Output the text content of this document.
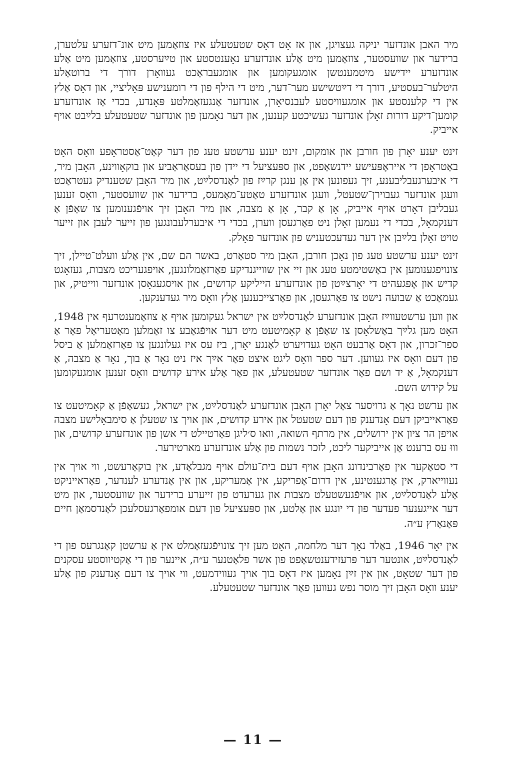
מיר האבן אונדזער יניקה געצויגן, און אז אָט דאָס שטעטעלע איז צוזאַמען מיט אונ־דזערע עלטערן, ברידער און שוועסטער, צוזאַמען מיט אַלע אונדזערע נאָענטסטע און טײַערסטע, צוזאַמען מיט אַלע אונדזערע יידישע מיטמענטשן אומגעקומען און אומגעבראַכט געוואָרן דורך די ברוטאַלע היטלער־בעסטיע, דורך די דײַטשישע מער־דער, מיט די הילף פון די רומענישע פּאָליציי, און דאָס אַלץ אין די קלענסטע און אומגעוויסטע לעבנסיאָרן, אונדזער אַנגעזאַמלטע פּאָנדע, בכדי אַז אונדזערע קומען־דיקע דורות זאָלן אונדזער געשיכטע קענען, און דער נאָמען פון אונדזער שטעטעלע בלײַבט אויף אייביק.

זינט יענע יאָרן פון חורבן און אומקום, זינט יענע ערשטע טעג פון דער קאַט־אַסטראָפע וואָס האָט באַטראָפן די אייראָפּעישע יידנשאַפט, און ספּעציעל די יידן פון בעסאַראַביע און בוקאָווינע, האָבן מיר, די איבערגעבליבענע, זיך געפונען אין אַן ענגן קרײַז פון לאַנדסלײַט, און מיר האָבן שטענדיק געטראַכט וועגן אונדזער געבוירן־שטעטל, וועגן אונדזערע טאַטע־מאַמעס, ברידער און שוועסטער, וואָס זענען געבליבן דאָרט אויף אייביק, אָן אַ קבר, אָן אַ מצבה, און מיר האָבן זיך אויפֿגענומען צו שאַפֿן אַ דענקמאָל, בכדי די נעמען זאָלן ניט פאַרגעסן ווערן, בכדי די איבערלעבונגען פון זייער לעבן און זייער טויט זאָלן בלײַבן אין דער געדעכטעניש פון אונדזער פאָלק.

זינט יענע ערשטע טעג פון נאָכן חורבן, האָבן מיר סטאַרט, באשר הם שם, אין אַלע וועלט־טיילן, זיך צונויפגענומען אין באַשטימטע טעג און זיי אין שווייגנדיקע פאַרזאַמלונגען, אויפגעריכט מצבות, געזאָגט קדיש און אָפּגעהיט די יאָרצײַטן פון אונדזערע הייליקע קדושים, און אויסגעגאָסן אונדזער ווייטיק, און געמאַכט אַ שבועה נישט צו פאַרגעסן, און פאַרצייכענען אַלץ וואָס מיר געדענקען.

און ווען ערשטעווײַז האָבן אונדזערע לאַנדסלײַט אין ישראל געקומען אויף אַ צוזאַמענטרעף אין 1948, האָט מען גלײַך באַשלאָסן צו שאַפֿן אַ קאָמיטעט מיט דער אויפֿגאַבע צו זאַמלען מאַטעריאַל פאַר אַ ספר־זכרון, און דאָס אַרבעט האָט געדויערט לאַנגע יאָרן, ביז עס איז געלונגען צו פאַרזאַמלען אַ ביסל פון דעם וואָס איז געווען. דער ספר וואָס ליגט איצט פאַר אײַך איז ניט נאָר אַ בוך, נאָר אַ מצבה, אַ דענקמאָל, אַ יד ושם פאַר אונדזער שטעטעלע, און פאַר אַלע אירע קדושים וואָס זענען אומגעקומען על קידוש השם.

און ערשט נאָך אַ גרויסער צאַל יאָרן האָבן אונדזערע לאַנדסלײַט, אין ישראל, געשאַפֿן אַ קאָמיטעט צו פאַראייביקן דעם אָנדענק פון דעם שטעטל און אירע קדושים, און אויך צו שטעלן אַ סימבאָלישע מצבה אויפן הר ציון אין ירושלים, אין מרתף השואה, וואו ס׳ליגן פאַרטיילט די אשן פון אונדזערע קדושים, און וווּ עס ברענט אַן אייביקער ליכט, לזכר נשמות פון אַלע אונדזערע מארטירער.

די סטאַקער אין פאַרבינדונג האָבן אויף דעם בית־עולם אויף מגבלאַדע, אין בוקאַרעשט, ווי אויך אין נעווייארק, אין אַרגענטינע, אין דרום־אַפריקע, אין אַמעריקע, און אין אַנדערע לענדער, פאַראייניקט אַלע לאַנדסלײַט, און אויפֿגעשטעלט מצבות און גערעדט פון זייערע ברידער און שוועסטער, און מיט דער אייגענער פעדער פון די יונגע און אַלטע, און ספּעציעל פון דעם אומפאַרגעסלעכן לאַנדסמאַן חיים פּאַנאַרץ ע״ה.

אין יאָר 1946, באַלד נאָך דער מלחמה, האָט מען זיך צונויפֿגעזאַמלט אין אַ ערשטן קאַנגרעס פון די לאַנדסלײַט, אונטער דער פּרעזידענטשאַפט פון אשר פלאַטנער ע״ה, איינער פון די אַקטיווסטע עסקנים פון דער שטאָט, און אין זײַן נאָמען איז דאָס בוך אויך געווידמעט, ווי אויך צו דעם אָנדענק פון אַלע יענע וואָס האָבן זיך מוסר נפש געווען פאַר אונדזער שטעטעלע.

— 11 —
